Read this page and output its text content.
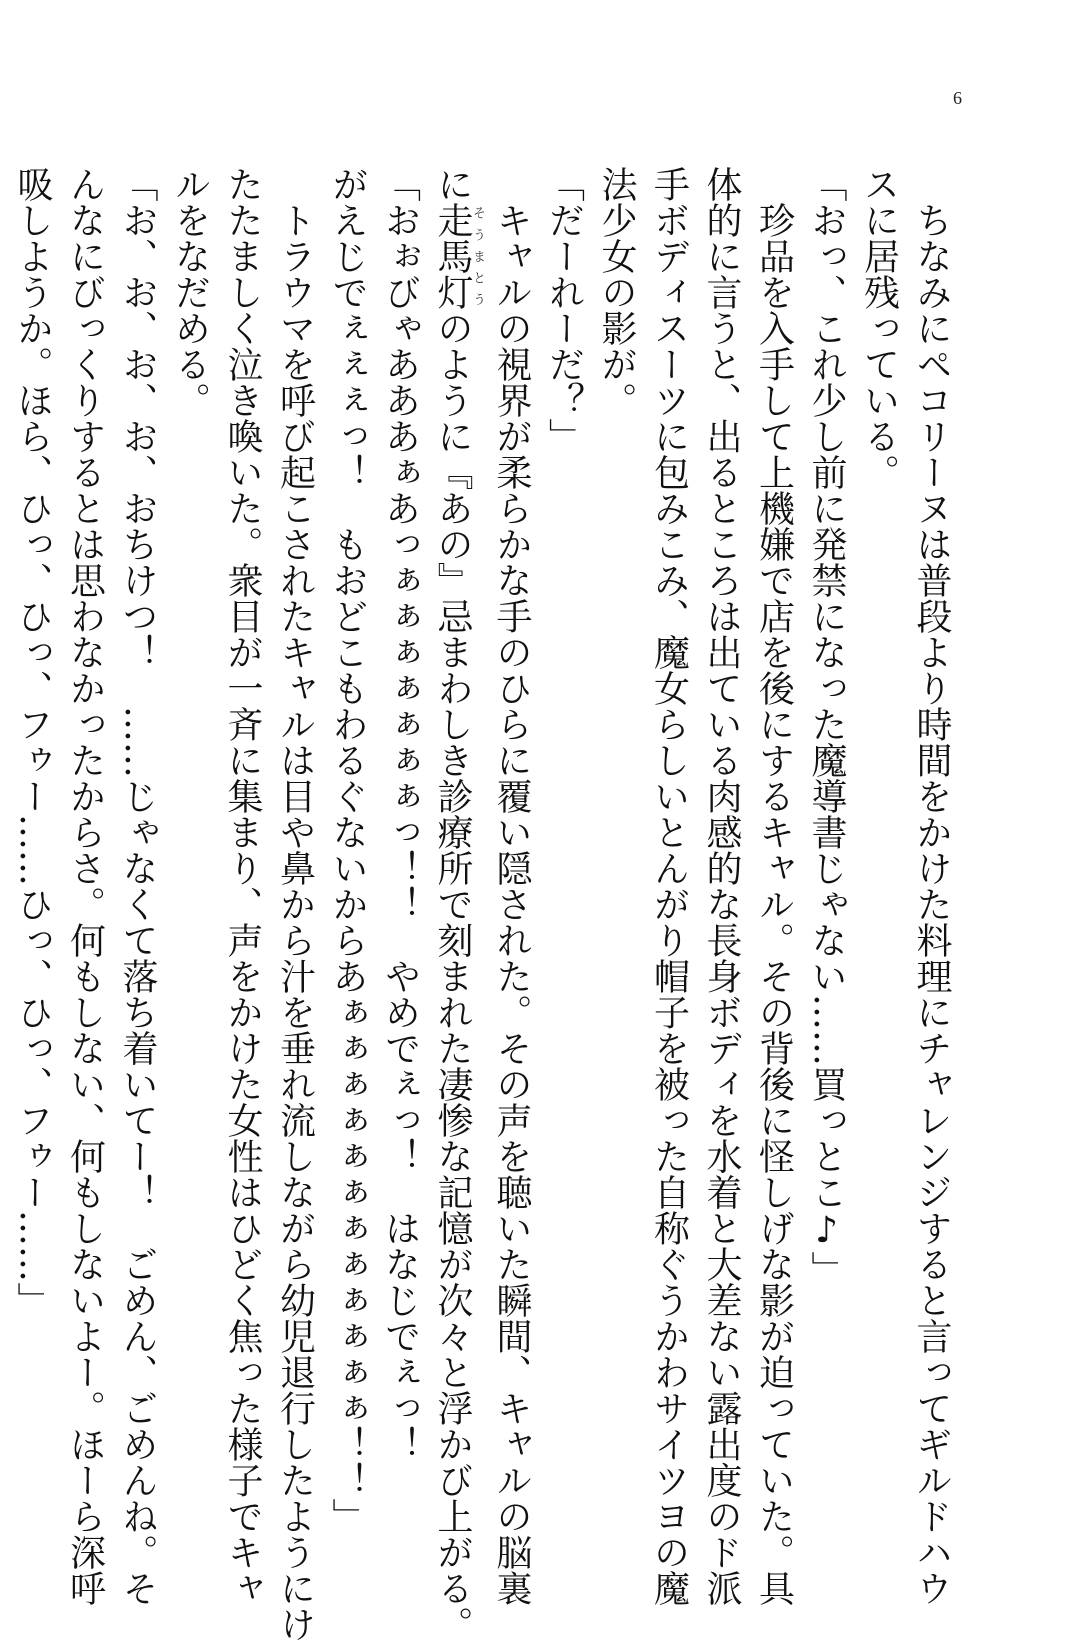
6

ちなみにペコリーヌは普段より時間をかけた料理にチャレンジすると言ってギルドハウ

スに居残っている。

「おっ、これ少し前に発禁になった魔導書じゃない……買っとこ♪」

珍品を入手して上機嫌で店を後にするキャル。その背後に怪しげな影が迫っていた。具

体的に言うと、出るところは出ている肉感的な長身ボディを水着と大差ない露出度のド派

手ボディスーツに包みこみ、魔女らしいとんがり帽子を被った自称ぐうかわサイツヨの魔

法少女の影が。

「だーれーだ？」

キャルの視界が柔らかな手のひらに覆い隠された。その声を聴いた瞬間、キャルの脳裏

に走馬灯そうまとうのように『あの』忌まわしき診療所で刻まれた凄惨な記憶が次々と浮かび上がる。

「おぉびゃあああぁあっぁぁぁぁぁぁぁっ！！　やめでぇっ！　はなじでぇっ！

がえじでぇぇぇっ！　もおどこもわるぐないからあぁぁぁぁぁぁぁぁぁぁぁぁ！！」

トラウマを呼び起こされたキャルは目や鼻から汁を垂れ流しながら幼児退行したようにけ

たたましく泣き喚いた。衆目が一斉に集まり、声をかけた女性はひどく焦った様子でキャ

ルをなだめる。

「お、お、お、お、おちけつ！　……じゃなくて落ち着いてー！　ごめん、ごめんね。そ

んなにびっくりするとは思わなかったからさ。何もしない、何もしないよー。ほーら深呼

吸しようか。ほら、ひっ、ひっ、フゥー……ひっ、ひっ、フゥー……」
